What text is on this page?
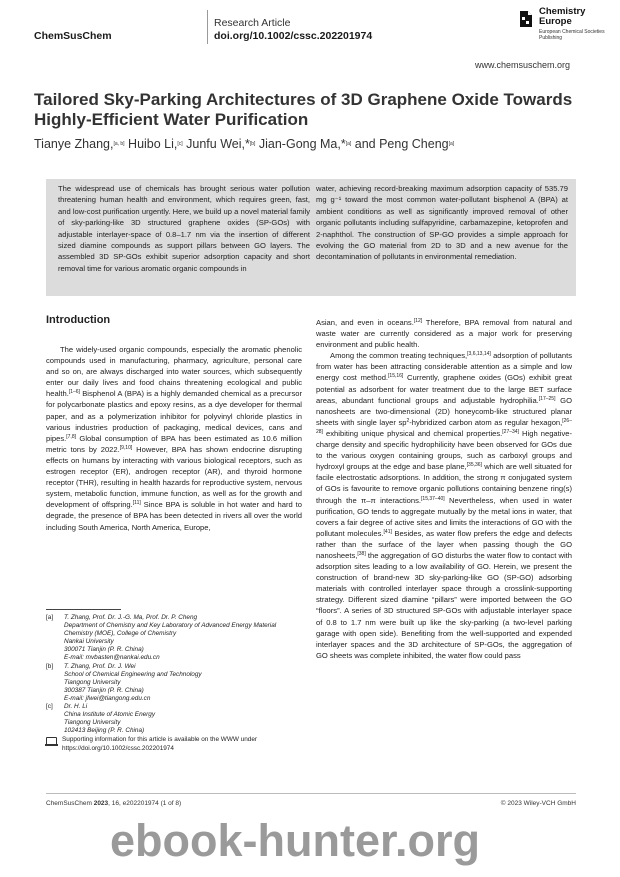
ChemSusChem
Research Article
doi.org/10.1002/cssc.202201974
Chemistry Europe
European Chemical Societies Publishing
www.chemsuschem.org
Tailored Sky-Parking Architectures of 3D Graphene Oxide Towards Highly-Efficient Water Purification
Tianye Zhang,[a, b] Huibo Li,[c] Junfu Wei,*[b] Jian-Gong Ma,*[a] and Peng Cheng[a]
The widespread use of chemicals has brought serious water pollution threatening human health and environment, which requires green, fast, and low-cost purification urgently. Here, we build up a novel material family of sky-parking-like 3D structured graphene oxides (SP-GOs) with adjustable interlayer-space of 0.8–1.7 nm via the insertion of different sized diamine compounds as support pillars between GO layers. The assembled 3D SP-GOs exhibit superior adsorption capacity and short removal time for various aromatic organic compounds in
water, achieving record-breaking maximum adsorption capacity of 535.79 mg g⁻¹ toward the most common water-pollutant bisphenol A (BPA) at ambient conditions as well as significantly improved removal of other organic pollutants including sulfapyridine, carbamazepine, ketoprofen and 2-naphthol. The construction of SP-GO provides a simple approach for evolving the GO material from 2D to 3D and a new avenue for the decontamination of pollutants in environmental remediation.
Introduction

The widely-used organic compounds, especially the aromatic phenolic compounds used in manufacturing, pharmacy, agriculture, personal care and so on, are always discharged into water sources, which subsequently enter our daily lives and food chains threatening ecological and public health.[1–6] Bisphenol A (BPA) is a highly demanded chemical as a precursor for polycarbonate plastics and epoxy resins, as a dye developer for thermal paper, and as a polymerization inhibitor for polyvinyl chloride plastics in various industries production of packaging, medical devices, cans and pipes.[7,8] Global consumption of BPA has been estimated as 10.6 million metric tons by 2022.[9,10] However, BPA has shown endocrine disrupting effects on humans by interacting with various biological receptors, such as estrogen receptor (ER), androgen receptor (AR), and thyroid hormone receptor (THR), resulting in health hazards for reproductive system, nervous system, metabolic function, immune function, as well as for the growth and development of offspring.[11] Since BPA is soluble in hot water and hard to degrade, the presence of BPA has been detected in rivers all over the world including South America, North America, Europe,

Asian, and even in oceans.[12] Therefore, BPA removal from natural and waste water are currently considered as a major work for preserving environment and public health.

Among the common treating techniques,[3,6,13,14] adsorption of pollutants from water has been attracting considerable attention as a simple and low energy cost method.[15,16] Currently, graphene oxides (GOs) exhibit great potential as adsorbent for water treatment due to the large BET surface areas, abundant functional groups and adjustable hydrophilia.[17–25] GO nanosheets are two-dimensional (2D) honeycomb-like structured planar sheets with single layer $sp^2$-hybridized carbon atom as regular hexagon,[26–28] exhibiting unique physical and chemical properties.[27–34] High negative-charge density and specific hydrophilicity have been observed for GOs due to the various oxygen containing groups, such as carboxyl groups and hydroxyl groups at the edge and base plane,[35,36] which are well situated for facile electrostatic adsorptions. In addition, the strong π conjugated system of GOs is favourite to remove organic pollutions containing benzene ring(s) through the π–π interactions.[15,37–40] Nevertheless, when used in water purification, GO tends to aggregate mutually by the metal ions in water, that covers a fair degree of active sites and limits the interactions of GO with the pollutant molecules.[41] Besides, as water flow prefers the edge and defects rather than the surface of the layer when passing though the GO nanosheets,[38] the aggregation of GO disturbs the water flow to contact with adsorption sites leading to a low availability of GO. Herein, we present the construction of brand-new 3D sky-parking-like GO (SP-GO) adsorbing materials with controlled interlayer space through a crosslink-supporting strategy. Different sized diamine “pillars” were imported between the GO “floors”. A series of 3D structured SP-GOs with adjustable interlayer space of 0.8 to 1.7 nm were built up like the sky-parking (a two-level parking garage with open side). Benefiting from the well-supported and expended interlayer spaces and the 3D architecture of SP-GOs, the aggregation of GO sheets was complete inhibited, the water flow could pass

[a] T. Zhang, Prof. Dr. J.-G. Ma, Prof. Dr. P. Cheng
Department of Chemistry and Key Laboratory of Advanced Energy Material Chemistry (MOE), College of Chemistry
Nankai University
300071 Tianjin (P. R. China)
E-mail: mvbasten@nankai.edu.cn
[b] T. Zhang, Prof. Dr. J. Wei
School of Chemical Engineering and Technology
Tiangong University
300387 Tianjin (P. R. China)
E-mail: jfwei@tiangong.edu.cn
[c] Dr. H. Li
China Institute of Atomic Energy
Tiangong University
102413 Beijing (P. R. China)
Supporting information for this article is available on the WWW under https://doi.org/10.1002/cssc.202201974
ChemSusChem 2023, 16, e202201974 (1 of 8)	© 2023 Wiley-VCH GmbH
ebook-hunter.org
